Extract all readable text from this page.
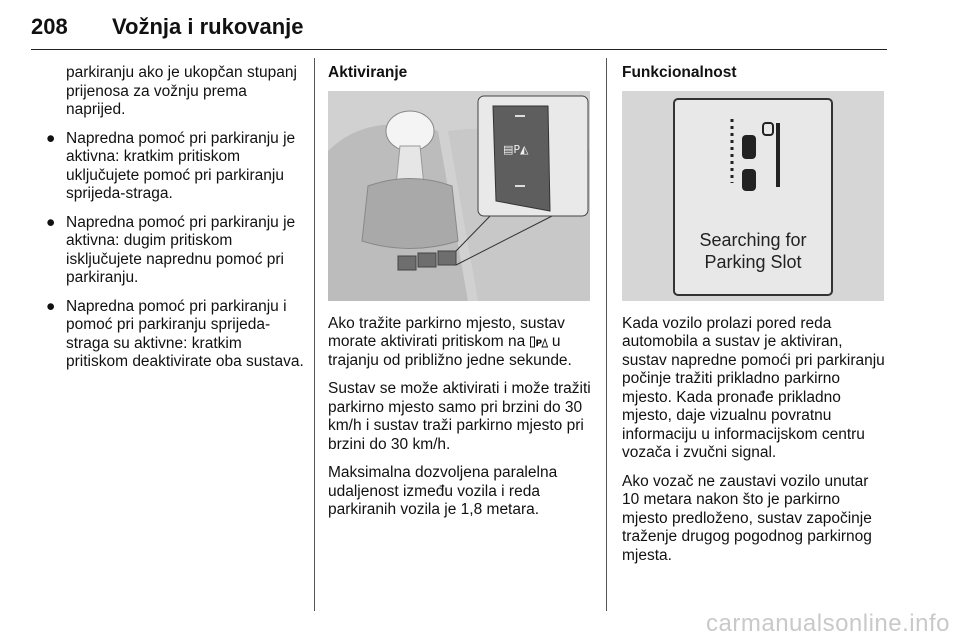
208 Vožnja i rukovanje

parkiranju ako je ukopčan stupanj prijenosa za vožnju prema naprijed.

● Napredna pomoć pri parkiranju je aktivna: kratkim pritiskom uključujete pomoć pri parkiranju sprijeda-straga.
● Napredna pomoć pri parkiranju je aktivna: dugim pritiskom isključujete naprednu pomoć pri parkiranju.
● Napredna pomoć pri parkiranju i pomoć pri parkiranju sprijeda-straga su aktivne: kratkim pritiskom deaktivirate oba sustava.
Aktiviranje
▤P◭

Ako tražite parkirno mjesto, sustav morate aktivirati pritiskom na P u trajanju od približno jedne sekunde.

Sustav se može aktivirati i može tražiti parkirno mjesto samo pri brzini do 30 km/h i sustav traži parkirno mjesto pri brzini do 30 km/h.

Maksimalna dozvoljena paralelna udaljenost između vozila i reda parkiranih vozila je 1,8 metara.

Funkcionalnost
Searching for
Parking Slot

Kada vozilo prolazi pored reda automobila a sustav je aktiviran, sustav napredne pomoći pri parkiranju počinje tražiti prikladno parkirno mjesto. Kada pronađe prikladno mjesto, daje vizualnu povratnu informaciju u informacijskom centru vozača i zvučni signal.

Ako vozač ne zaustavi vozilo unutar 10 metara nakon što je parkirno mjesto predloženo, sustav započinje traženje drugog pogodnog parkirnog mjesta.

carmanualsonline.info
